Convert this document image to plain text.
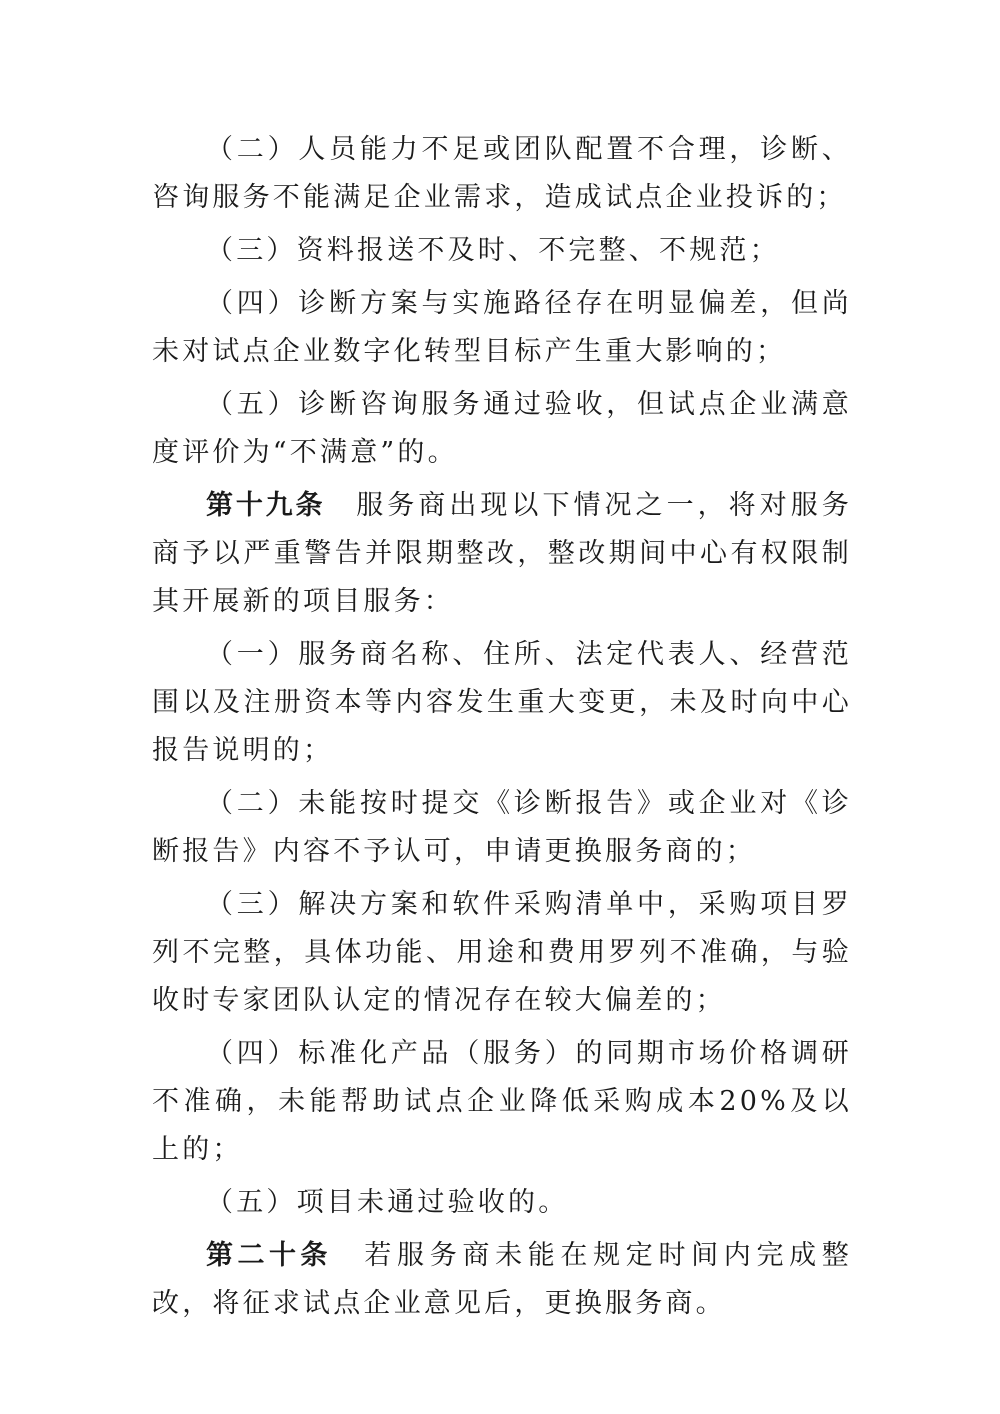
（二）人员能力不足或团队配置不合理，诊断、咨询服务不能满足企业需求，造成试点企业投诉的；

（三）资料报送不及时、不完整、不规范；

（四）诊断方案与实施路径存在明显偏差，但尚未对试点企业数字化转型目标产生重大影响的；

（五）诊断咨询服务通过验收，但试点企业满意度评价为“不满意”的。

第十九条 服务商出现以下情况之一，将对服务商予以严重警告并限期整改，整改期间中心有权限制其开展新的项目服务：

（一）服务商名称、住所、法定代表人、经营范围以及注册资本等内容发生重大变更，未及时向中心报告说明的；

（二）未能按时提交《诊断报告》或企业对《诊断报告》内容不予认可，申请更换服务商的；

（三）解决方案和软件采购清单中，采购项目罗列不完整，具体功能、用途和费用罗列不准确，与验收时专家团队认定的情况存在较大偏差的；

（四）标准化产品（服务）的同期市场价格调研不准确，未能帮助试点企业降低采购成本20%及以上的；

（五）项目未通过验收的。

第二十条 若服务商未能在规定时间内完成整改，将征求试点企业意见后，更换服务商。
